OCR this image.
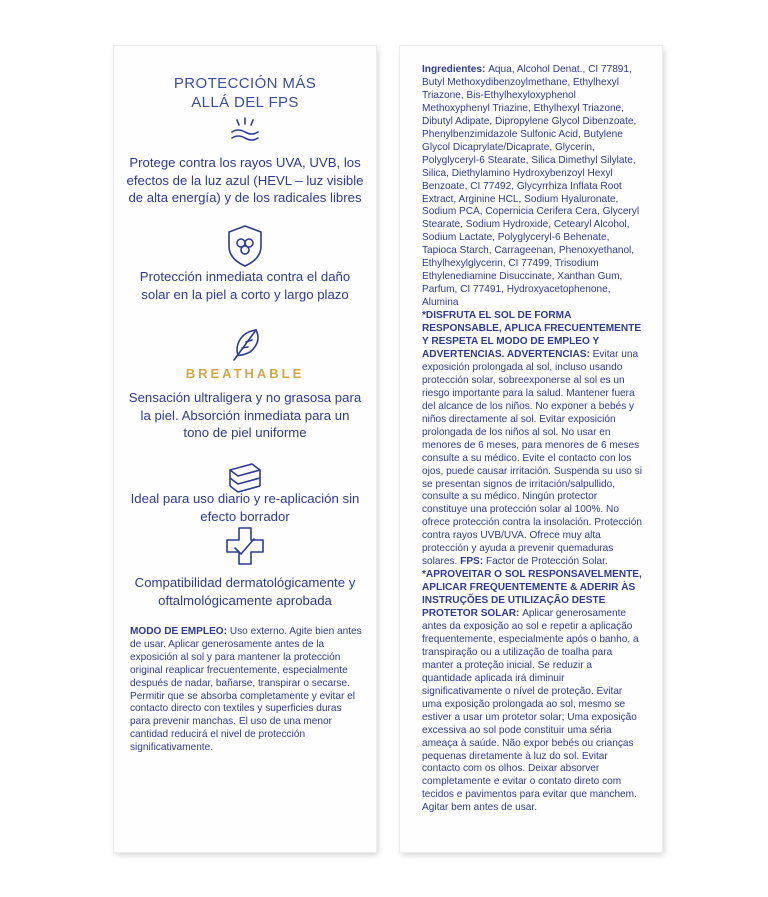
PROTECCIÓN MÁS
ALLÁ DEL FPS
Protege contra los rayos UVA, UVB, los efectos de la luz azul (HEVL – luz visible de alta energía) y de los radicales libres
Protección inmediata contra el daño solar en la piel a corto y largo plazo
BREATHABLE
Sensación ultraligera y no grasosa para la piel. Absorción inmediata para un tono de piel uniforme
Ideal para uso diario y re-aplicación sin efecto borrador
Compatibilidad dermatológicamente y oftalmológicamente aprobada
MODO DE EMPLEO: Uso externo. Agite bien antes de usar. Aplicar generosamente antes de la exposición al sol y para mantener la protección original reaplicar frecuentemente, especialmente después de nadar, bañarse, transpirar o secarse. Permitir que se absorba completamente y evitar el contacto directo con textiles y superficies duras para prevenir manchas. El uso de una menor cantidad reducirá el nivel de protección significativamente.

Ingredientes: Aqua, Alcohol Denat., CI 77891, Butyl Methoxydibenzoylmethane, Ethylhexyl Triazone, Bis-Ethylhexyloxyphenol Methoxyphenyl Triazine, Ethylhexyl Triazone, Dibutyl Adipate, Dipropylene Glycol Dibenzoate, Phenylbenzimidazole Sulfonic Acid, Butylene Glycol Dicaprylate/Dicaprate, Glycerin, Polyglyceryl-6 Stearate, Silica Dimethyl Silylate, Silica, Diethylamino Hydroxybenzoyl Hexyl Benzoate, CI 77492, Glycyrrhiza Inflata Root Extract, Arginine HCL, Sodium Hyaluronate, Sodium PCA, Copernicia Cerifera Cera, Glyceryl Stearate, Sodium Hydroxide, Cetearyl Alcohol, Sodium Lactate, Polyglyceryl-6 Behenate, Tapioca Starch, Carrageenan, Phenoxyethanol, Ethylhexylglycerin, CI 77499, Trisodium Ethylenediamine Disuccinate, Xanthan Gum, Parfum, CI 77491, Hydroxyacetophenone, Alumina

*DISFRUTA EL SOL DE FORMA RESPONSABLE, APLICA FRECUENTEMENTE Y RESPETA EL MODO DE EMPLEO Y ADVERTENCIAS. ADVERTENCIAS: Evitar una exposición prolongada al sol, incluso usando protección solar, sobreexponerse al sol es un riesgo importante para la salud. Mantener fuera del alcance de los niños. No exponer a bebés y niños directamente al sol. Evitar exposición prolongada de los niños al sol. No usar en menores de 6 meses, para menores de 6 meses consulte a su médico. Evite el contacto con los ojos, puede causar irritación. Suspenda su uso si se presentan signos de irritación/salpullido, consulte a su médico. Ningún protector constituye una protección solar al 100%. No ofrece protección contra la insolación. Protección contra rayos UVB/UVA. Ofrece muy alta protección y ayuda a prevenir quemaduras solares. FPS: Factor de Protección Solar.

*APROVEITAR O SOL RESPONSAVELMENTE, APLICAR FREQUENTEMENTE & ADERIR ÀS INSTRUÇÕES DE UTILIZAÇÃO DESTE PROTETOR SOLAR: Aplicar generosamente antes da exposição ao sol e repetir a aplicação frequentemente, especialmente após o banho, a transpiração ou a utilização de toalha para manter a proteção inicial. Se reduzir a quantidade aplicada irá diminuir significativamente o nível de proteção. Evitar uma exposição prolongada ao sol, mesmo se estiver a usar um protetor solar; Uma exposição excessiva ao sol pode constituir uma séria ameaça à saúde. Não expor bebés ou crianças pequenas diretamente à luz do sol. Evitar contacto com os olhos. Deixar absorver completamente e evitar o contato direto com tecidos e pavimentos para evitar que manchem. Agitar bem antes de usar.
